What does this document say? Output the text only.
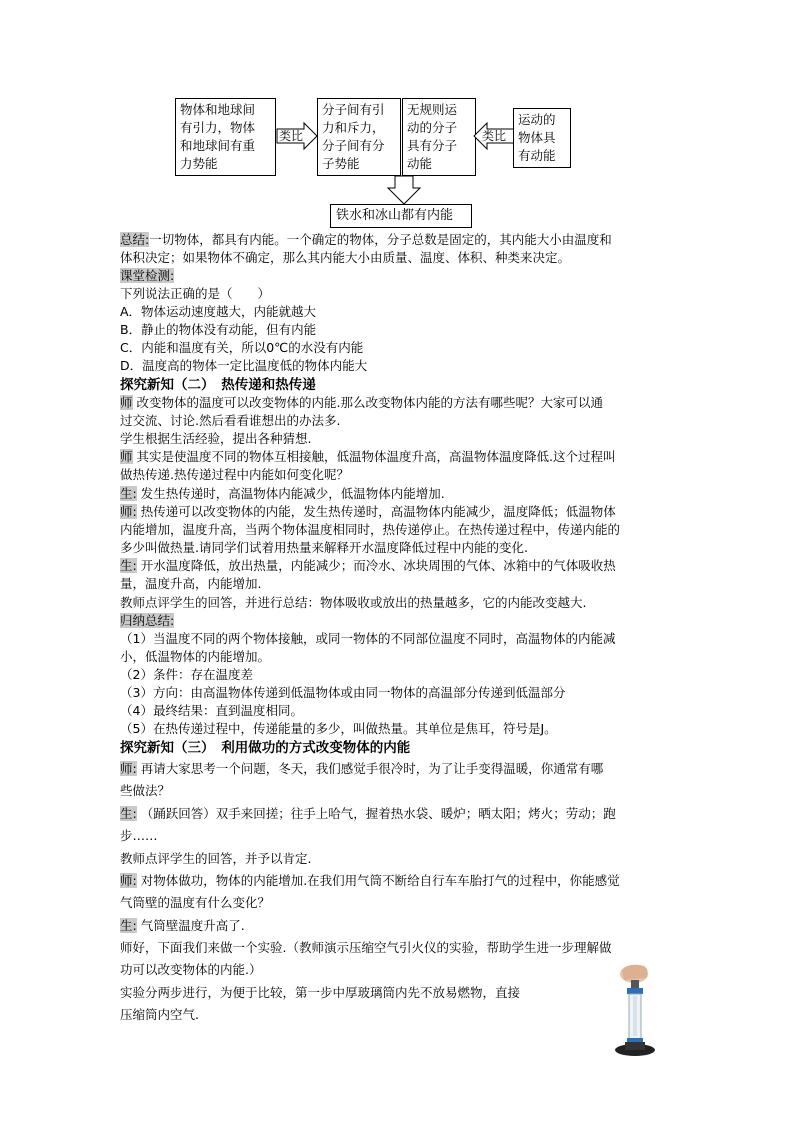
物体和地球间
有引力，物体
和地球间有重
力势能
类比
分子间有引
力和斥力，
分子间有分
子势能
无规则运
动的分子
具有分子
动能
类比
运动的
物体具
有动能
铁水和冰山都有内能
总结:一切物体，都具有内能。一个确定的物体，分子总数是固定的，其内能大小由温度和
体积决定；如果物体不确定，那么其内能大小由质量、温度、体积、种类来决定。
课堂检测:
下列说法正确的是（　　）
A．物体运动速度越大，内能就越大
B．静止的物体没有动能，但有内能
C．内能和温度有关，所以0℃的水没有内能
D．温度高的物体一定比温度低的物体内能大
探究新知（二）　热传递和热传递
师 改变物体的温度可以改变物体的内能.那么改变物体内能的方法有哪些呢？大家可以通
过交流、讨论.然后看看谁想出的办法多.
学生根据生活经验，提出各种猜想.
师 其实是使温度不同的物体互相接触，低温物体温度升高，高温物体温度降低.这个过程叫
做热传递.热传递过程中内能如何变化呢？
生: 发生热传递时，高温物体内能减少，低温物体内能增加.
师: 热传递可以改变物体的内能，发生热传递时，高温物体内能减少，温度降低；低温物体
内能增加，温度升高，当两个物体温度相同时，热传递停止。在热传递过程中，传递内能的
多少叫做热量.请同学们试着用热量来解释开水温度降低过程中内能的变化.
生: 开水温度降低，放出热量，内能减少；而冷水、冰块周围的气体、冰箱中的气体吸收热
量，温度升高，内能增加.
教师点评学生的回答，并进行总结：物体吸收或放出的热量越多，它的内能改变越大.
归纳总结:
（1）当温度不同的两个物体接触，或同一物体的不同部位温度不同时，高温物体的内能减
小，低温物体的内能增加。
（2）条件：存在温度差
（3）方向：由高温物体传递到低温物体或由同一物体的高温部分传递到低温部分
（4）最终结果：直到温度相同。
（5）在热传递过程中，传递能量的多少，叫做热量。其单位是焦耳，符号是J。
探究新知（三）　利用做功的方式改变物体的内能
师: 再请大家思考一个问题，冬天，我们感觉手很冷时，为了让手变得温暖，你通常有哪
些做法？
生: （踊跃回答）双手来回搓；往手上哈气，握着热水袋、暖炉；晒太阳；烤火；劳动；跑
步……
教师点评学生的回答，并予以肯定.
师: 对物体做功，物体的内能增加.在我们用气筒不断给自行车车胎打气的过程中，你能感觉
气筒壁的温度有什么变化？
生: 气筒壁温度升高了.
师好，下面我们来做一个实验.（教师演示压缩空气引火仪的实验，帮助学生进一步理解做
功可以改变物体的内能.）
实验分两步进行，为便于比较，第一步中厚玻璃筒内先不放易燃物，直接
压缩筒内空气.
